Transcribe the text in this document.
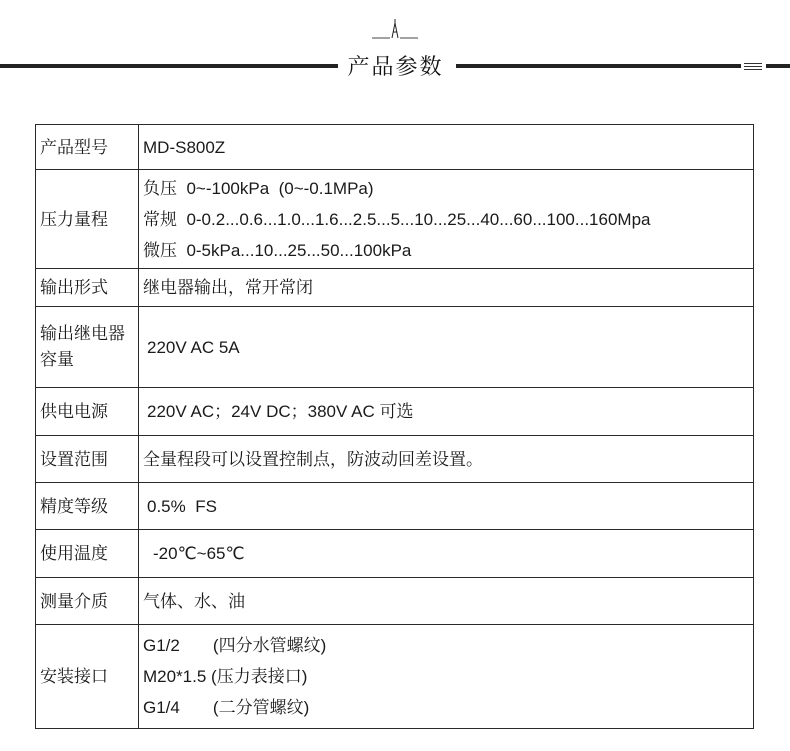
产品参数
产品型号	MD-S800Z

压力量程	负压  0~-100kPa  (0~-0.1MPa)
常规  0-0.2...0.6...1.0...1.6...2.5...5...10...25...40...60...100...160Mpa
微压  0-5kPa...10...25...50...100kPa

输出形式	继电器输出，常开常闭

输出继电器容量	220V AC 5A

供电电源	220V AC；24V DC；380V AC 可选

设置范围	全量程段可以设置控制点，防波动回差设置。

精度等级	0.5%  FS

使用温度	-20℃~65℃

测量介质	气体、水、油

安装接口	G1/2       (四分水管螺纹)
M20*1.5 (压力表接口)
G1/4       (二分管螺纹)
